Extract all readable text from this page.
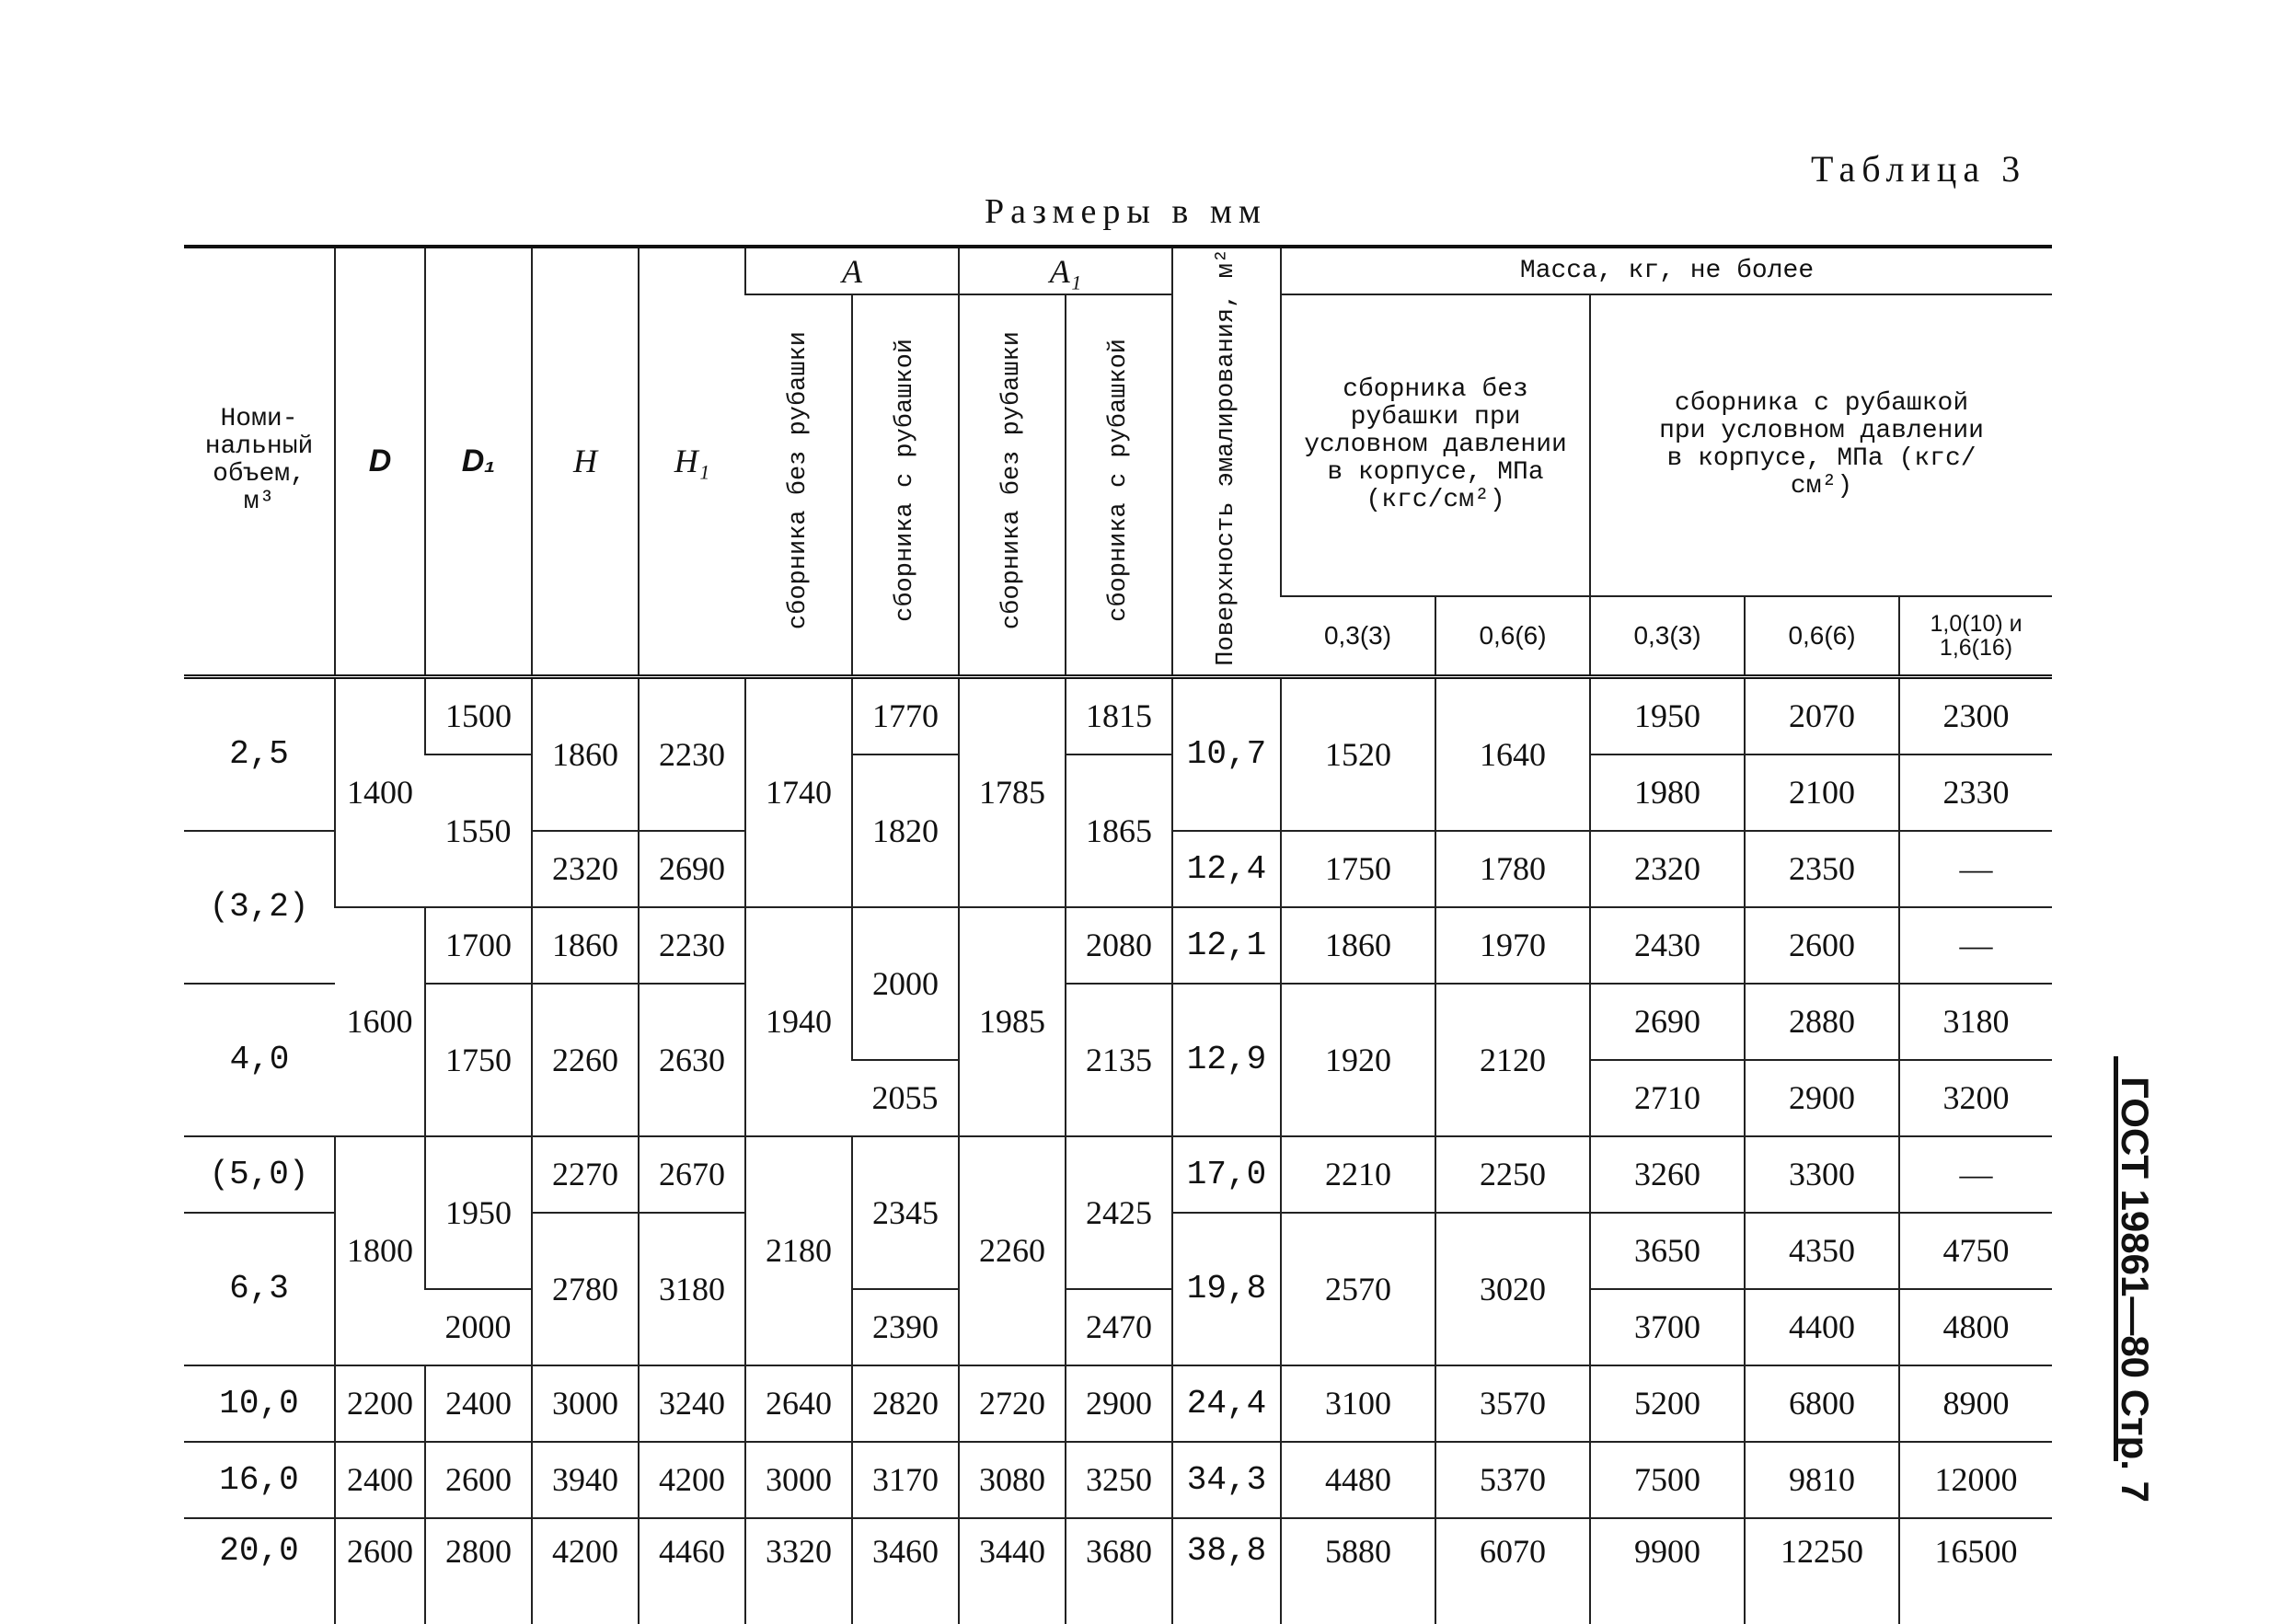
Таблица 3
Размеры в мм
ГОСТ 19861—80 Стр. 7
Номи-нальный объем, м³	D	D₁	H	H₁	A		A₁		Поверхность эмалирования, м²	Масса, кг, не более				
					сборника без рубашки	сборника с рубашкой	сборника без рубашки	сборника с рубашкой		сборника без рубашки при условном давлении в корпусе, МПа (кгс/см²)		сборника с рубашкой при условном давлении в корпусе, МПа (кгс/см²)		
										0,3(3)	0,6(6)	0,3(3)	0,6(6)	1,0(10) и 1,6(16)
2,5	1400	1500	1860	2230	1740	1770	1785	1815	10,7	1520	1640	1950	2070	2300
		1550				1820		1865				1980	2100	2330
(3,2)			2320	2690					12,4	1750	1780	2320	2350	—
	1600	1700	1860	2230	1940	2000	1985	2080	12,1	1860	1970	2430	2600	—
4,0		1750	2260	2630				2135	12,9	1920	2120	2690	2880	3180
						2055						2710	2900	3200
(5,0)	1800	1950	2270	2670	2180	2345	2260	2425	17,0	2210	2250	3260	3300	—
6,3			2780	3180					19,8	2570	3020	3650	4350	4750
		2000				2390		2470				3700	4400	4800
10,0	2200	2400	3000	3240	2640	2820	2720	2900	24,4	3100	3570	5200	6800	8900
16,0	2400	2600	3940	4200	3000	3170	3080	3250	34,3	4480	5370	7500	9810	12000
20,0	2600	2800	4200	4460	3320	3460	3440	3680	38,8	5880	6070	9900	12250	16500
